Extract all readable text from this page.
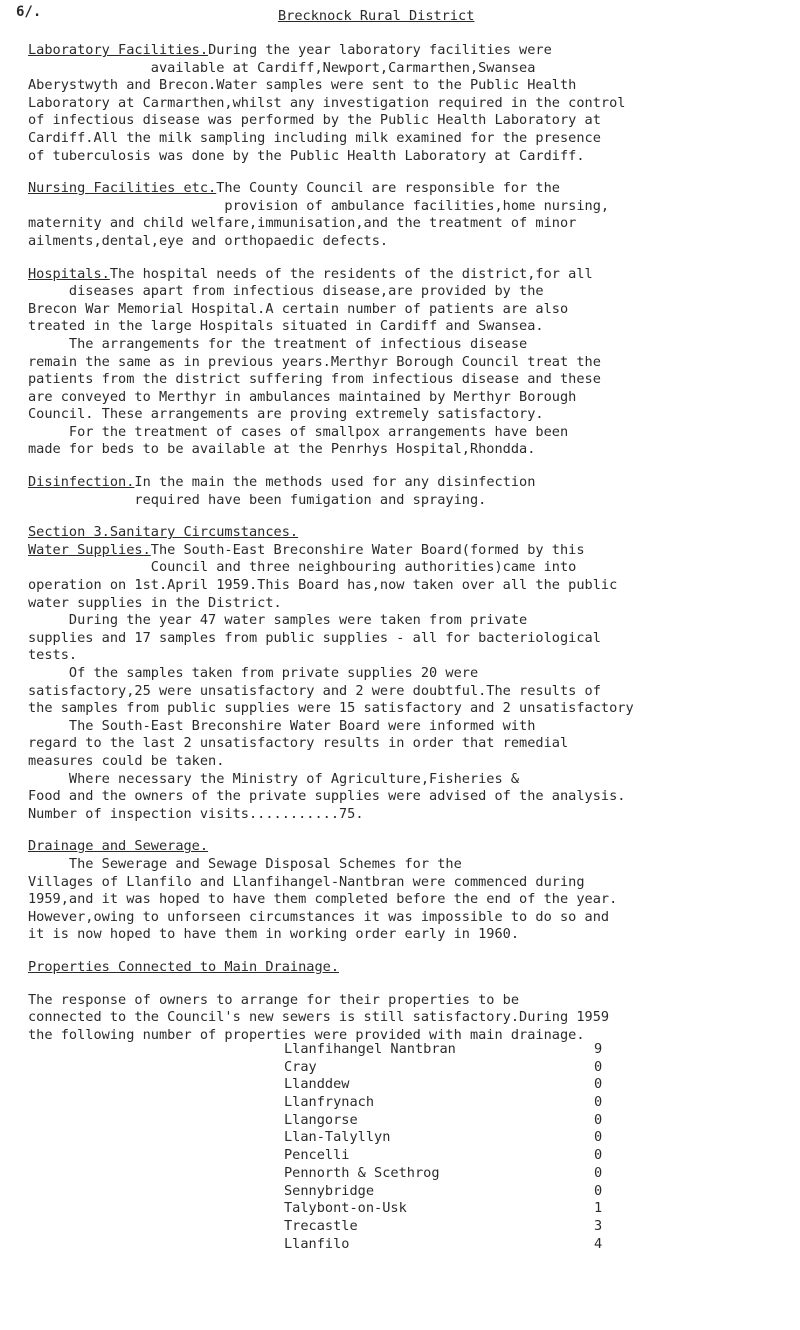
6/.	Brecknock Rural District
Laboratory Facilities.During the year laboratory facilities were
available at Cardiff,Newport,Carmarthen,Swansea
Aberystwyth and Brecon.Water samples were sent to the Public Health
Laboratory at Carmarthen,whilst any investigation required in the control
of infectious disease was performed by the Public Health Laboratory at
Cardiff.All the milk sampling including milk examined for the presence
of tuberculosis was done by the Public Health Laboratory at Cardiff.
Nursing Facilities etc.The County Council are responsible for the
provision of ambulance facilities,home nursing,
maternity and child welfare,immunisation,and the treatment of minor
ailments,dental,eye and orthopaedic defects.
Hospitals.The hospital needs of the residents of the district,for all
diseases apart from infectious disease,are provided by the
Brecon War Memorial Hospital.A certain number of patients are also
treated in the large Hospitals situated in Cardiff and Swansea.
The arrangements for the treatment of infectious disease
remain the same as in previous years.Merthyr Borough Council treat the
patients from the district suffering from infectious disease and these
are conveyed to Merthyr in ambulances maintained by Merthyr Borough
Council. These arrangements are proving extremely satisfactory.
For the treatment of cases of smallpox arrangements have been
made for beds to be available at the Penrhys Hospital,Rhondda.
Disinfection.In the main the methods used for any disinfection
required have been fumigation and spraying.
Section 3.Sanitary Circumstances.
Water Supplies.The South-East Breconshire Water Board(formed by this
Council and three neighbouring authorities)came into
operation on 1st.April 1959.This Board has,now taken over all the public
water supplies in the District.
During the year 47 water samples were taken from private
supplies and 17 samples from public supplies - all for bacteriological
tests.
Of the samples taken from private supplies 20 were
satisfactory,25 were unsatisfactory and 2 were doubtful.The results of
the samples from public supplies were 15 satisfactory and 2 unsatisfactory
The South-East Breconshire Water Board were informed with
regard to the last 2 unsatisfactory results in order that remedial
measures could be taken.
Where necessary the Ministry of Agriculture,Fisheries &
Food and the owners of the private supplies were advised of the analysis.
Number of inspection visits...........75.
Drainage and Sewerage.
The Sewerage and Sewage Disposal Schemes for the
Villages of Llanfilo and Llanfihangel-Nantbran were commenced during
1959,and it was hoped to have them completed before the end of the year.
However,owing to unforseen circumstances it was impossible to do so and
it is now hoped to have them in working order early in 1960.
Properties Connected to Main Drainage.
The response of owners to arrange for their properties to be
connected to the Council's new sewers is still satisfactory.During 1959
the following number of properties were provided with main drainage.
Llanfihangel Nantbran	9
Cray	0
Llanddew	0
Llanfrynach	0
Llangorse	0
Llan-Talyllyn	0
Pencelli	0
Pennorth & Scethrog	0
Sennybridge	0
Talybont-on-Usk	1
Trecastle	3
Llanfilo	4
